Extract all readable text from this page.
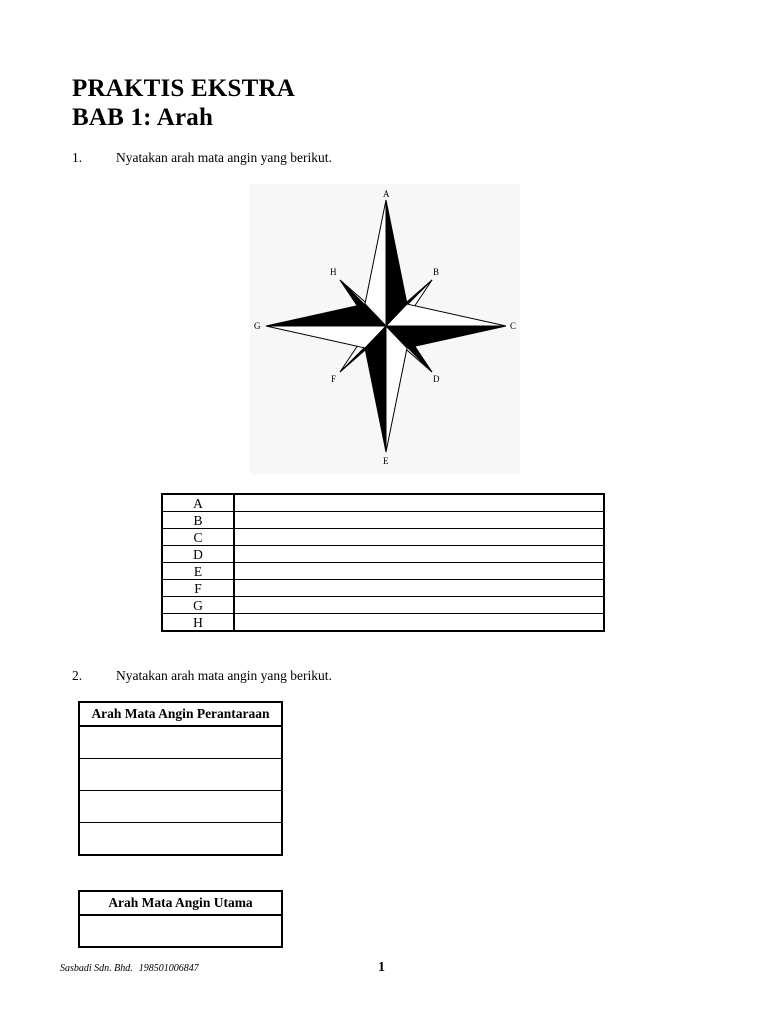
PRAKTIS EKSTRA
BAB 1: Arah
1.	Nyatakan arah mata angin yang berikut.
A
B
C
D
E
F
G
H
A	
B	
C	
D	
E	
F	
G	
H	
2.	Nyatakan arah mata angin yang berikut.
Arah Mata Angin Perantaraan

Arah Mata Angin Utama

Sasbadi Sdn. Bhd. 198501006847	1
